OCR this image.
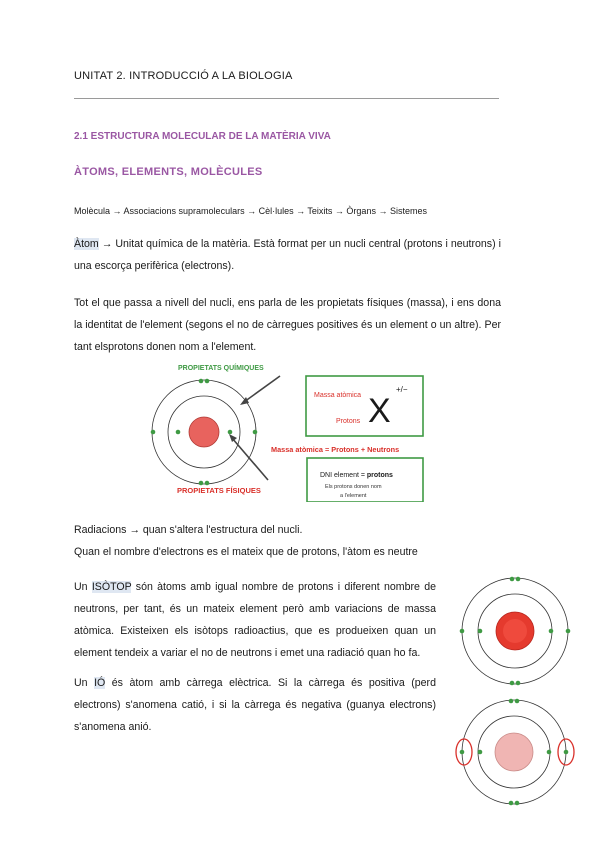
UNITAT 2. INTRODUCCIÓ A LA BIOLOGIA
2.1 ESTRUCTURA MOLECULAR DE LA MATÈRIA VIVA
ÀTOMS, ELEMENTS, MOLÈCULES
Molècula → Associacions supramoleculars → Cèl·lules → Teixits → Òrgans → Sistemes
Àtom → Unitat química de la matèria. Està format per un nucli central (protons i neutrons) i una escorça perifèrica (electrons).
Tot el que passa a nivell del nucli, ens parla de les propietats físiques (massa), i ens dona la identitat de l'element (segons el no de càrregues positives és un element o un altre). Per tant elsprotons donen nom a l'element.
PROPIETATS QUÍMIQUES
PROPIETATS FÍSIQUES
Massa atòmica
Protons X
+/−
Massa atòmica = Protons + Neutrons
DNI element = protons
Els protons donen nom
a l'element
Radiacions → quan s'altera l'estructura del nucli.
Quan el nombre d'electrons es el mateix que de protons, l'àtom es neutre
Un ISÒTOP són àtoms amb igual nombre de protons i diferent nombre de neutrons, per tant, és un mateix element però amb variacions de massa atòmica. Existeixen els isòtops radioactius, que es produeixen quan un element tendeix a variar el no de neutrons i emet una radiació quan ho fa.
Un IÓ és àtom amb càrrega elèctrica. Si la càrrega és positiva (perd electrons) s'anomena catió, i si la càrrega és negativa (guanya electrons) s'anomena anió.
